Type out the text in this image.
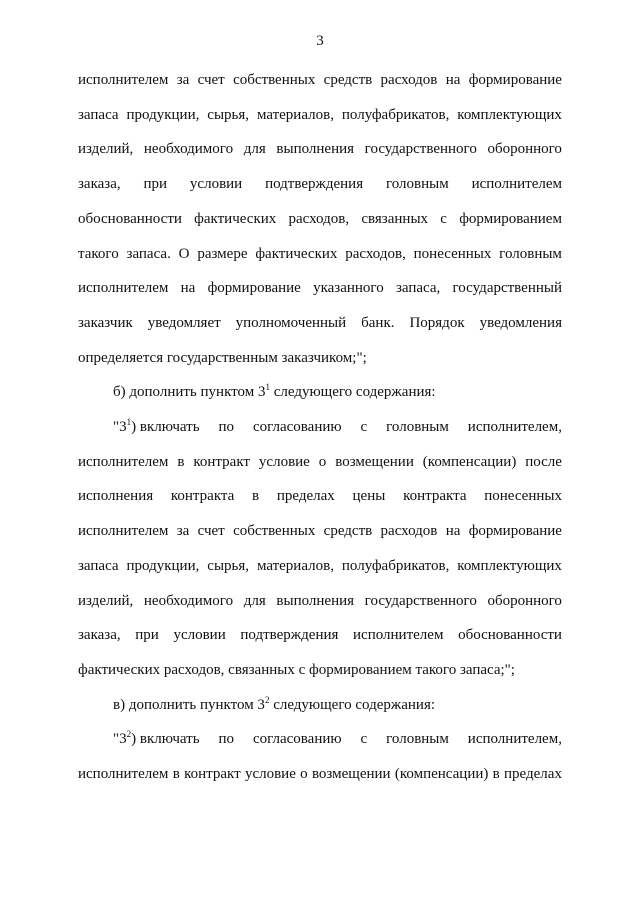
3
исполнителем за счет собственных средств расходов на формирование
запаса продукции, сырья, материалов, полуфабрикатов, комплектующих
изделий, необходимого для выполнения государственного оборонного
заказа, при условии подтверждения головным исполнителем
обоснованности фактических расходов, связанных с формированием
такого запаса. О размере фактических расходов, понесенных головным
исполнителем на формирование указанного запаса, государственный
заказчик уведомляет уполномоченный банк. Порядок уведомления
определяется государственным заказчиком;";
б) дополнить пунктом $3^1$ следующего содержания:
"$3^1$) включать по согласованию с головным исполнителем,
исполнителем в контракт условие о возмещении (компенсации) после
исполнения контракта в пределах цены контракта понесенных
исполнителем за счет собственных средств расходов на формирование
запаса продукции, сырья, материалов, полуфабрикатов, комплектующих
изделий, необходимого для выполнения государственного оборонного
заказа, при условии подтверждения исполнителем обоснованности
фактических расходов, связанных с формированием такого запаса;";
в) дополнить пунктом $3^2$ следующего содержания:
"$3^2$) включать по согласованию с головным исполнителем,
исполнителем в контракт условие о возмещении (компенсации) в пределах
